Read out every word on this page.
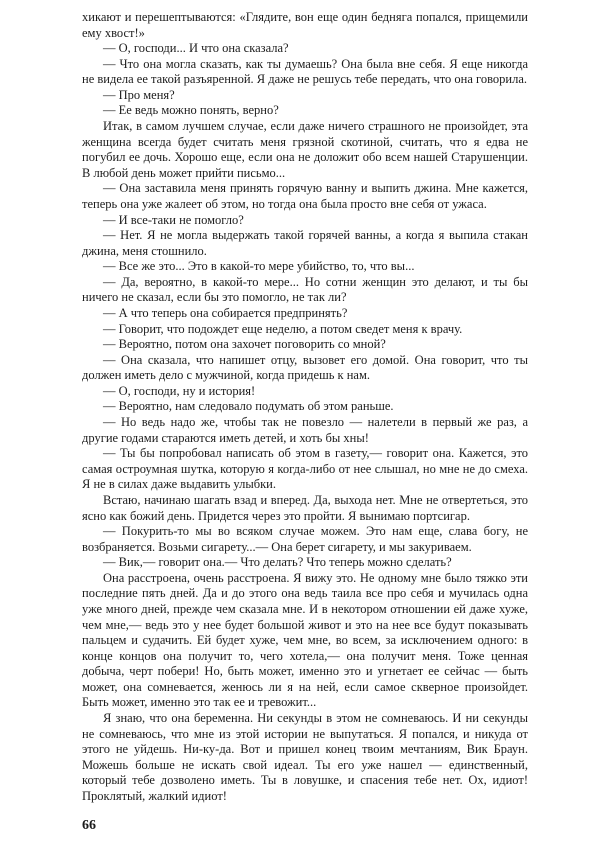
хикают и перешептываются: «Глядите, вон еще один бедняга попался, прищемили ему хвост!»

— О, господи... И что она сказала?

— Что она могла сказать, как ты думаешь? Она была вне себя. Я еще никогда не видела ее такой разъяренной. Я даже не решусь тебе передать, что она говорила.

— Про меня?

— Ее ведь можно понять, верно?

Итак, в самом лучшем случае, если даже ничего страшного не произойдет, эта женщина всегда будет считать меня грязной скотиной, считать, что я едва не погубил ее дочь. Хорошо еще, если она не доложит обо всем нашей Старушенции. В любой день может прийти письмо...

— Она заставила меня принять горячую ванну и выпить джина. Мне кажется, теперь она уже жалеет об этом, но тогда она была просто вне себя от ужаса.

— И все-таки не помогло?

— Нет. Я не могла выдержать такой горячей ванны, а когда я выпила стакан джина, меня стошнило.

— Все же это... Это в какой-то мере убийство, то, что вы...

— Да, вероятно, в какой-то мере... Но сотни женщин это делают, и ты бы ничего не сказал, если бы это помогло, не так ли?

— А что теперь она собирается предпринять?

— Говорит, что подождет еще неделю, а потом сведет меня к врачу.

— Вероятно, потом она захочет поговорить со мной?

— Она сказала, что напишет отцу, вызовет его домой. Она говорит, что ты должен иметь дело с мужчиной, когда придешь к нам.

— О, господи, ну и история!

— Вероятно, нам следовало подумать об этом раньше.

— Но ведь надо же, чтобы так не повезло — налетели в первый же раз, а другие годами стараются иметь детей, и хоть бы хны!

— Ты бы попробовал написать об этом в газету,— говорит она. Кажется, это самая остроумная шутка, которую я когда-либо от нее слышал, но мне не до смеха. Я не в силах даже выдавить улыбки.

Встаю, начинаю шагать взад и вперед. Да, выхода нет. Мне не отвертеться, это ясно как божий день. Придется через это пройти. Я вынимаю портсигар.

— Покурить-то мы во всяком случае можем. Это нам еще, слава богу, не возбраняется. Возьми сигарету...— Она берет сигарету, и мы закуриваем.

— Вик,— говорит она.— Что делать? Что теперь можно сделать?

Она расстроена, очень расстроена. Я вижу это. Не одному мне было тяжко эти последние пять дней. Да и до этого она ведь таила все про себя и мучилась одна уже много дней, прежде чем сказала мне. И в некотором отношении ей даже хуже, чем мне,— ведь это у нее будет большой живот и это на нее все будут показывать пальцем и судачить. Ей будет хуже, чем мне, во всем, за исключением одного: в конце концов она получит то, чего хотела,— она получит меня. Тоже ценная добыча, черт побери! Но, быть может, именно это и угнетает ее сейчас — быть может, она сомневается, женюсь ли я на ней, если самое скверное произойдет. Быть может, именно это так ее и тревожит...

Я знаю, что она беременна. Ни секунды в этом не сомневаюсь. И ни секунды не сомневаюсь, что мне из этой истории не выпутаться. Я попался, и никуда от этого не уйдешь. Ни-ку-да. Вот и пришел конец твоим мечтаниям, Вик Браун. Можешь больше не искать свой идеал. Ты его уже нашел — единственный, который тебе дозволено иметь. Ты в ловушке, и спасения тебе нет. Ох, идиот! Проклятый, жалкий идиот!

66
